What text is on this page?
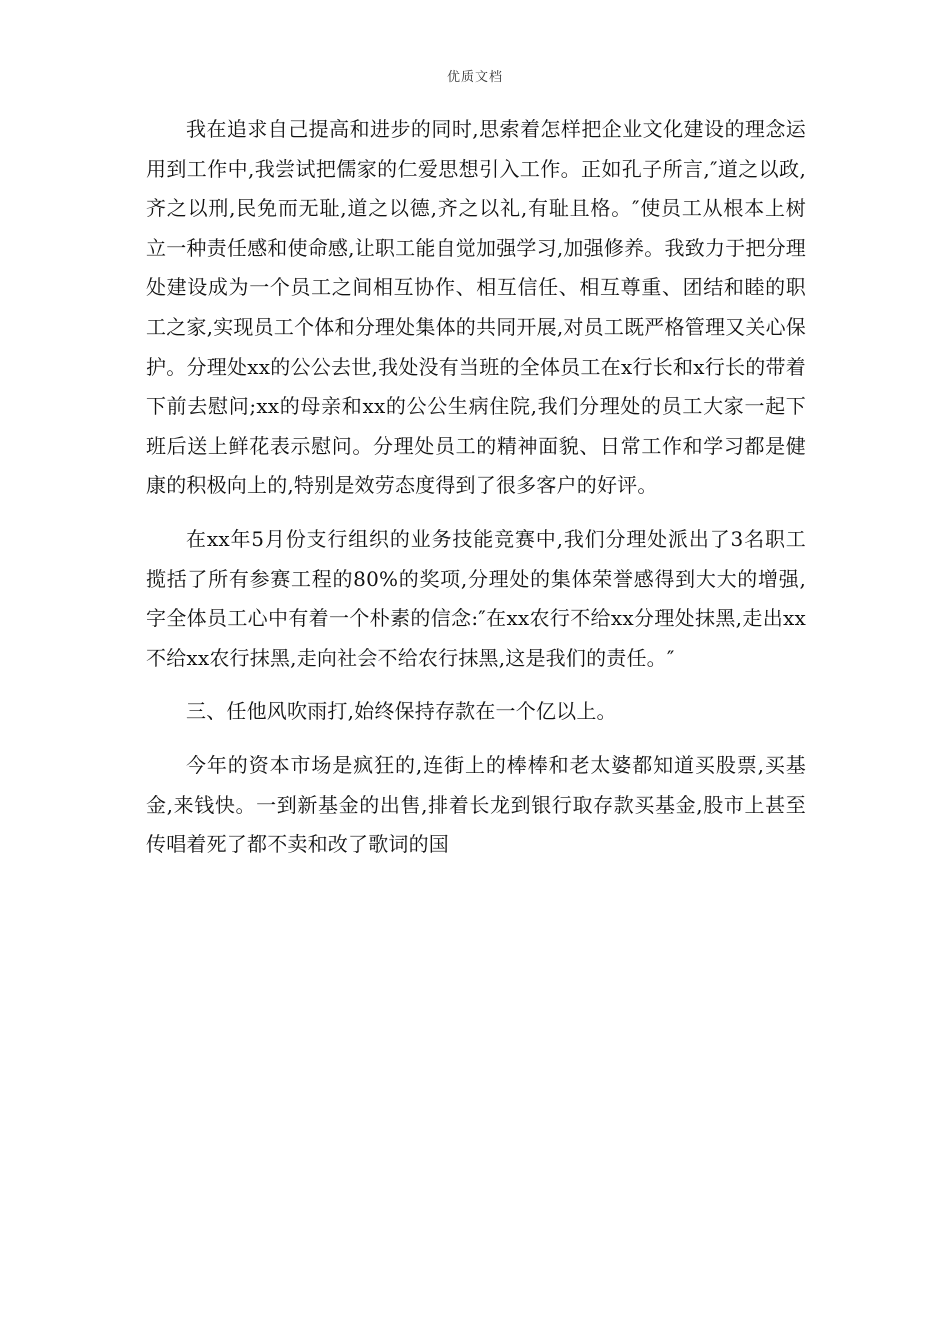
优质文档

我在追求自己提高和进步的同时,思索着怎样把企业文化建设的理念运用到工作中,我尝试把儒家的仁爱思想引入工作。正如孔子所言,″道之以政,齐之以刑,民免而无耻,道之以德,齐之以礼,有耻且格。″使员工从根本上树立一种责任感和使命感,让职工能自觉加强学习,加强修养。我致力于把分理处建设成为一个员工之间相互协作、相互信任、相互尊重、团结和睦的职工之家,实现员工个体和分理处集体的共同开展,对员工既严格管理又关心保护。分理处xx的公公去世,我处没有当班的全体员工在x行长和x行长的带着下前去慰问;xx的母亲和xx的公公生病住院,我们分理处的员工大家一起下班后送上鲜花表示慰问。分理处员工的精神面貌、日常工作和学习都是健康的积极向上的,特别是效劳态度得到了很多客户的好评。

在xx年5月份支行组织的业务技能竞赛中,我们分理处派出了3名职工揽括了所有参赛工程的80%的奖项,分理处的集体荣誉感得到大大的增强,字全体员工心中有着一个朴素的信念:″在xx农行不给xx分理处抹黑,走出xx不给xx农行抹黑,走向社会不给农行抹黑,这是我们的责任。″

三、任他风吹雨打,始终保持存款在一个亿以上。

今年的资本市场是疯狂的,连街上的棒棒和老太婆都知道买股票,买基金,来钱快。一到新基金的出售,排着长龙到银行取存款买基金,股市上甚至传唱着死了都不卖和改了歌词的国
